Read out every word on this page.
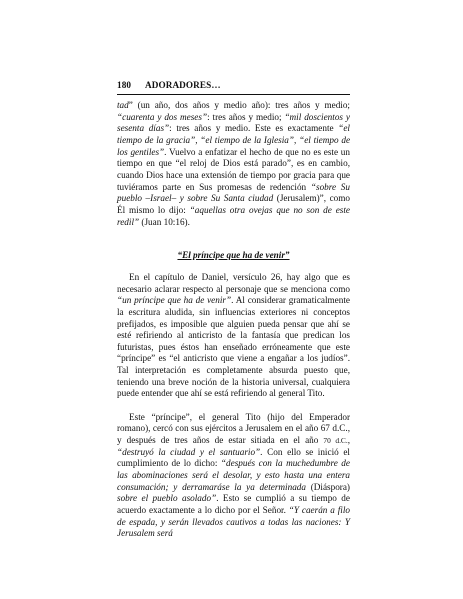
180 ADORADORES…

tad” (un año, dos años y medio año): tres años y medio; “cuarenta y dos meses”: tres años y medio; “mil doscientos y sesenta días”: tres años y medio. Este es exactamente “el tiempo de la gracia”, “el tiempo de la Iglesia”, “el tiempo de los gentiles”. Vuelvo a enfatizar el hecho de que no es este un tiempo en que “el reloj de Dios está parado”, es en cambio, cuando Dios hace una extensión de tiempo por gracia para que tuviéramos parte en Sus promesas de redención “sobre Su pueblo –Israel– y sobre Su Santa ciudad (Jerusalem)”, como Él mismo lo dijo: “aquellas otra ovejas que no son de este redil” (Juan 10:16).

“El príncipe que ha de venir”

En el capítulo de Daniel, versículo 26, hay algo que es necesario aclarar respecto al personaje que se menciona como “un príncipe que ha de venir”. Al considerar gramaticalmente la escritura aludida, sin influencias exteriores ni conceptos prefijados, es imposible que alguien pueda pensar que ahí se esté refiriendo al anticristo de la fantasía que predican los futuristas, pues éstos han enseñado erróneamente que este “príncipe” es “el anticristo que viene a engañar a los judíos”. Tal interpretación es completamente absurda puesto que, teniendo una breve noción de la historia universal, cualquiera puede entender que ahí se está refiriendo al general Tito.

Este “príncipe”, el general Tito (hijo del Emperador romano), cercó con sus ejércitos a Jerusalem en el año 67 d.C., y después de tres años de estar sitiada en el año 70 d.C., “destruyó la ciudad y el santuario”. Con ello se inició el cumplimiento de lo dicho: “después con la muchedumbre de las abominaciones será el desolar, y esto hasta una entera consumación; y derramaráse la ya determinada (Diáspora) sobre el pueblo asolado”. Esto se cumplió a su tiempo de acuerdo exactamente a lo dicho por el Señor. “Y caerán a filo de espada, y serán llevados cautivos a todas las naciones: Y Jerusalem será
